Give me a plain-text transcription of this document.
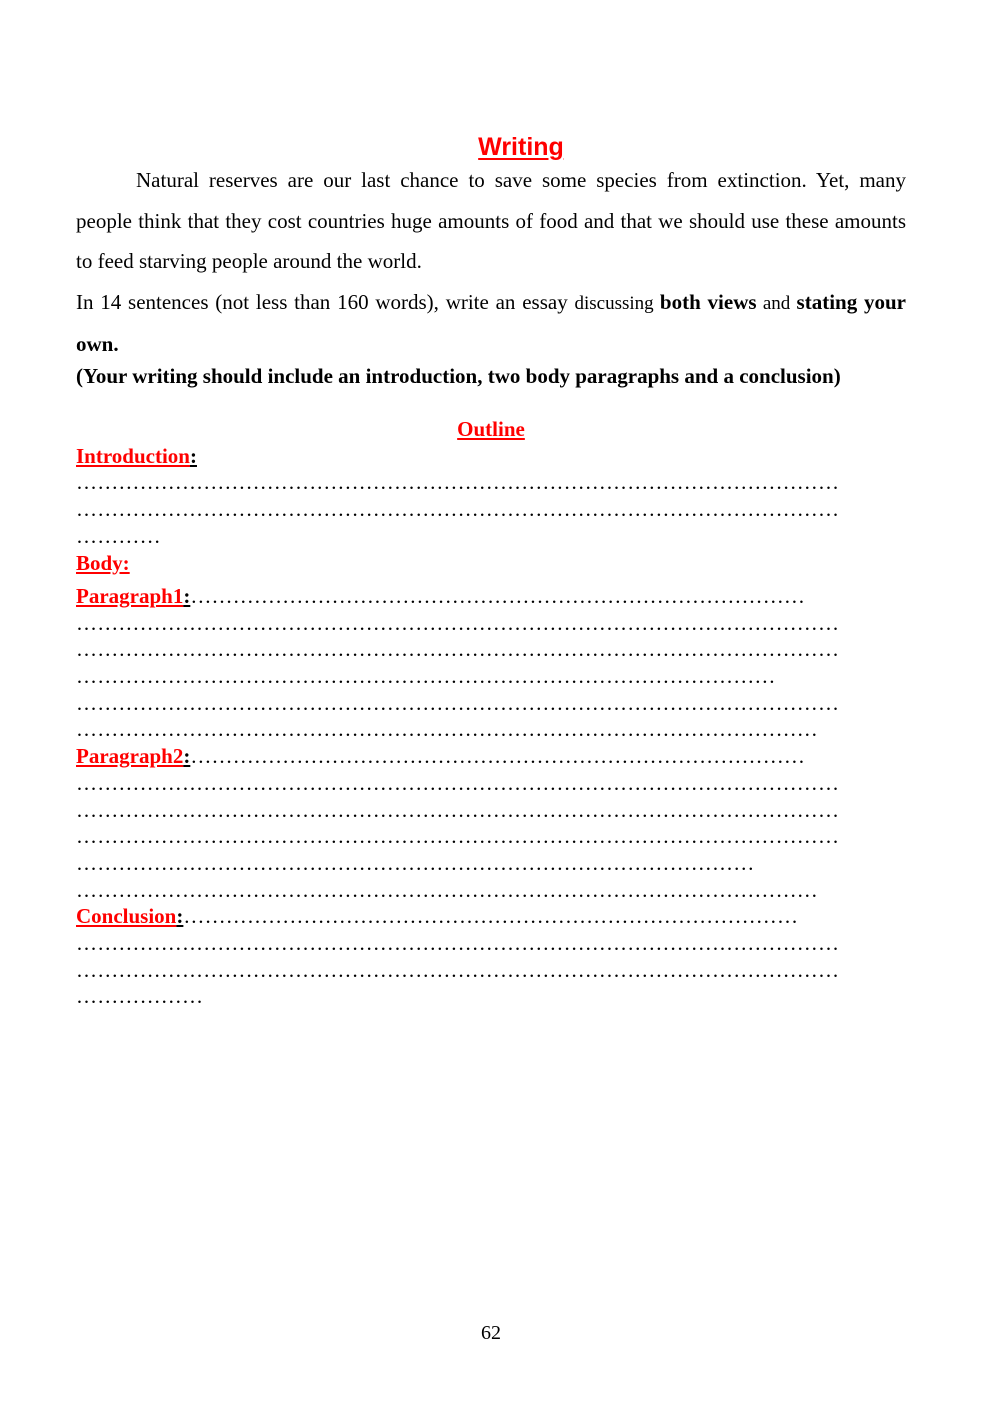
Writing

Natural reserves are our last chance to save some species from extinction. Yet, many people think that they cost countries huge amounts of food and that we should use these amounts to feed starving people around the world.

In 14 sentences (not less than 160 words), write an essay discussing both views and stating your own.

(Your writing should include an introduction, two body paragraphs and a conclusion)
Outline
Introduction:
………………………………………………………………………………………………
………………………………………………………………………………………………
…………
Body:
Paragraph1:……………………………………………………………………………
………………………………………………………………………………………………
………………………………………………………………………………………………
………………………………………………………………………………………
………………………………………………………………………………………………
……………………………………………………………………………………………
Paragraph2:……………………………………………………………………………
………………………………………………………………………………………………
………………………………………………………………………………………………
………………………………………………………………………………………………
……………………………………………………………………………………
……………………………………………………………………………………………
Conclusion:……………………………………………………………………………
………………………………………………………………………………………………
………………………………………………………………………………………………
………………
62
